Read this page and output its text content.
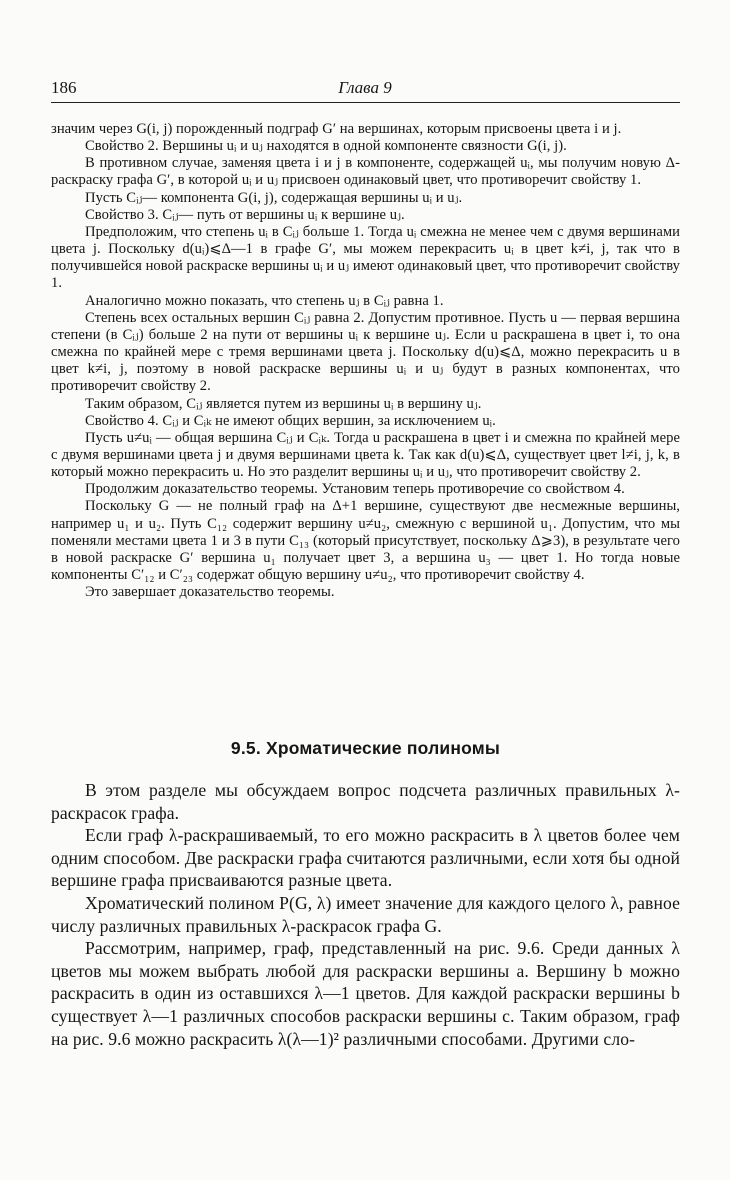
186	Глава 9

значим через G(i, j) порожденный подграф G′ на вершинах, которым присвоены цвета i и j.

Свойство 2. Вершины uᵢ и uⱼ находятся в одной компоненте связности G(i, j).

В противном случае, заменяя цвета i и j в компоненте, содержащей uᵢ, мы получим новую Δ-раскраску графа G′, в которой uᵢ и uⱼ присвоен одинаковый цвет, что противоречит свойству 1.

Пусть Cᵢⱼ— компонента G(i, j), содержащая вершины uᵢ и uⱼ.

Свойство 3. Cᵢⱼ— путь от вершины uᵢ к вершине uⱼ.

Предположим, что степень uᵢ в Cᵢⱼ больше 1. Тогда uᵢ смежна не менее чем с двумя вершинами цвета j. Поскольку d(uᵢ)⩽Δ—1 в графе G′, мы можем перекрасить uᵢ в цвет k≠i, j, так что в получившейся новой раскраске вершины uᵢ и uⱼ имеют одинаковый цвет, что противоречит свойству 1.

Аналогично можно показать, что степень uⱼ в Cᵢⱼ равна 1.

Степень всех остальных вершин Cᵢⱼ равна 2. Допустим противное. Пусть u — первая вершина степени (в Cᵢⱼ) больше 2 на пути от вершины uᵢ к вершине uⱼ. Если u раскрашена в цвет i, то она смежна по крайней мере с тремя вершинами цвета j. Поскольку d(u)⩽Δ, можно перекрасить u в цвет k≠i, j, поэтому в новой раскраске вершины uᵢ и uⱼ будут в разных компонентах, что противоречит свойству 2.

Таким образом, Cᵢⱼ является путем из вершины uᵢ в вершину uⱼ.

Свойство 4. Cᵢⱼ и Cᵢₖ не имеют общих вершин, за исключением uᵢ.

Пусть u≠uᵢ — общая вершина Cᵢⱼ и Cᵢₖ. Тогда u раскрашена в цвет i и смежна по крайней мере с двумя вершинами цвета j и двумя вершинами цвета k. Так как d(u)⩽Δ, существует цвет l≠i, j, k, в который можно перекрасить u. Но это разделит вершины uᵢ и uⱼ, что противоречит свойству 2.

Продолжим доказательство теоремы. Установим теперь противоречие со свойством 4.

Поскольку G — не полный граф на Δ+1 вершине, существуют две несмежные вершины, например u₁ и u₂. Путь C₁₂ содержит вершину u≠u₂, смежную с вершиной u₁. Допустим, что мы поменяли местами цвета 1 и 3 в пути C₁₃ (который присутствует, поскольку Δ⩾3), в результате чего в новой раскраске G′ вершина u₁ получает цвет 3, а вершина u₃ — цвет 1. Но тогда новые компоненты C′₁₂ и C′₂₃ содержат общую вершину u≠u₂, что противоречит свойству 4.

Это завершает доказательство теоремы.

9.5. Хроматические полиномы

В этом разделе мы обсуждаем вопрос подсчета различных правильных λ-раскрасок графа.

Если граф λ-раскрашиваемый, то его можно раскрасить в λ цветов более чем одним способом. Две раскраски графа считаются различными, если хотя бы одной вершине графа присваиваются разные цвета.

Хроматический полином P(G, λ) имеет значение для каждого целого λ, равное числу различных правильных λ-раскрасок графа G.

Рассмотрим, например, граф, представленный на рис. 9.6. Среди данных λ цветов мы можем выбрать любой для раскраски вершины a. Вершину b можно раскрасить в один из оставшихся λ—1 цветов. Для каждой раскраски вершины b существует λ—1 различных способов раскраски вершины c. Таким образом, граф на рис. 9.6 можно раскрасить λ(λ—1)² различными способами. Другими сло-
